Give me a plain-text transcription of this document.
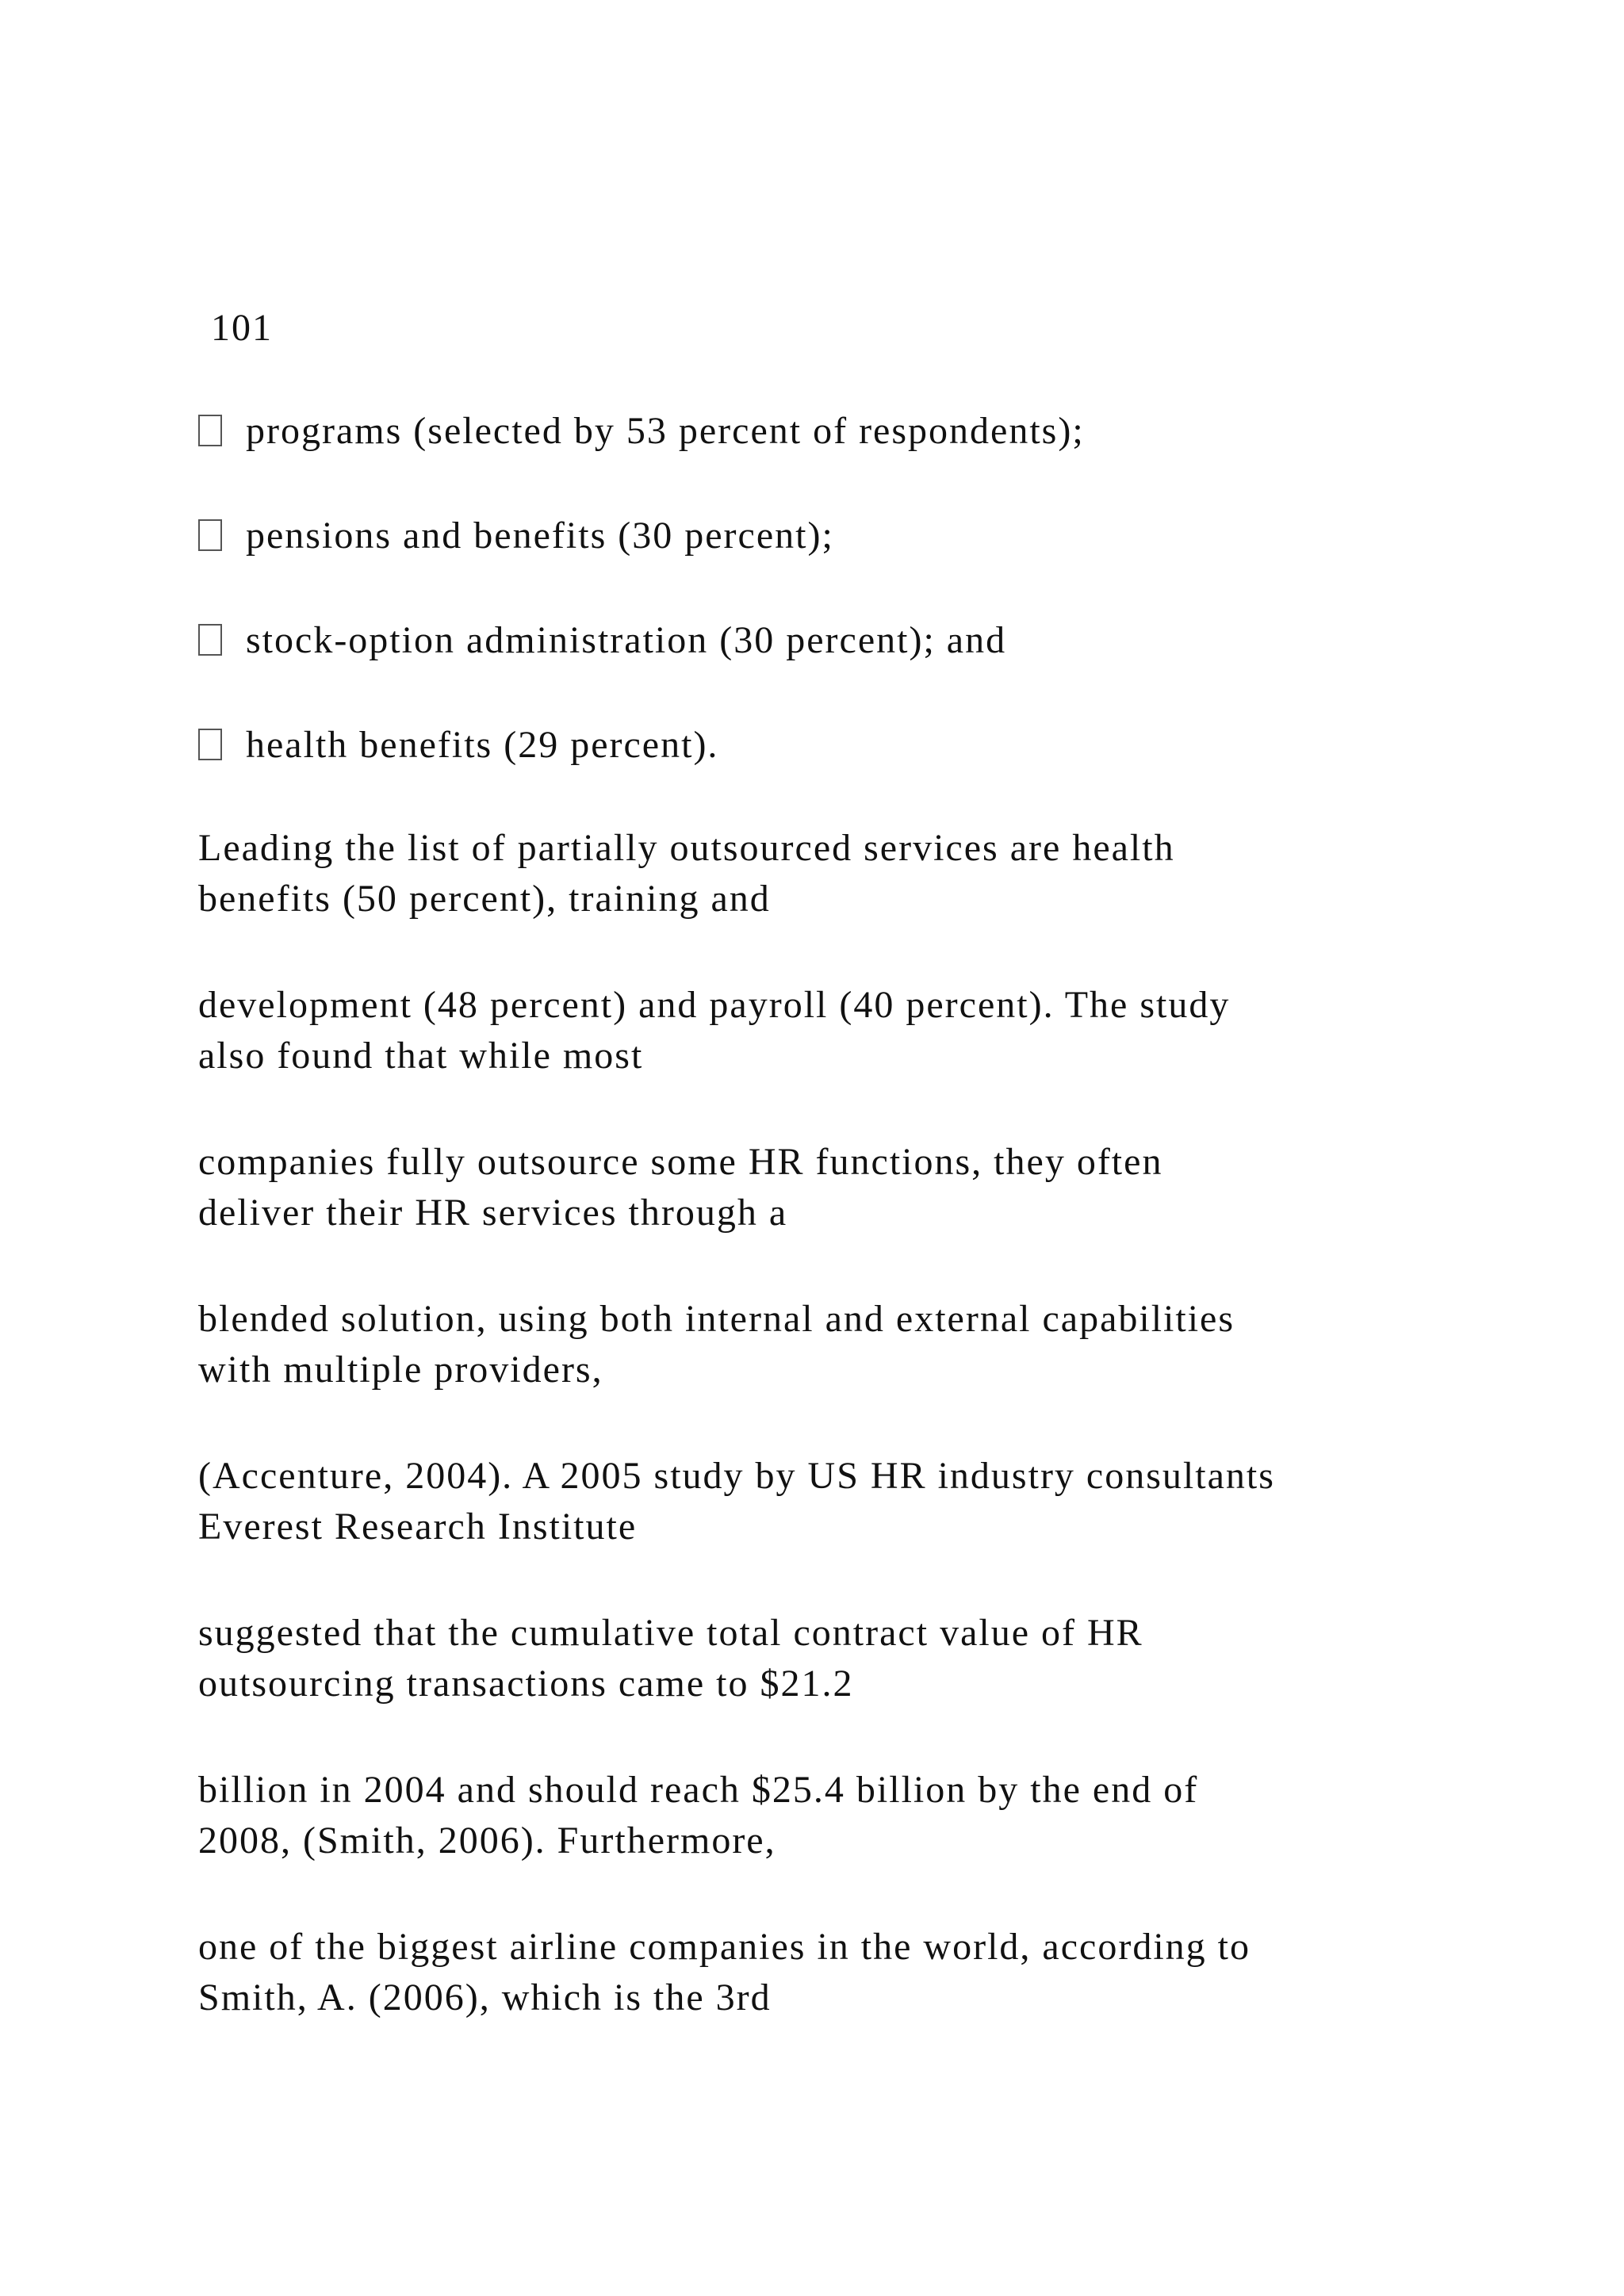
101
programs (selected by 53 percent of respondents);
pensions and benefits (30 percent);
stock-option administration (30 percent); and
health benefits (29 percent).
Leading the list of partially outsourced services are health
benefits (50 percent), training and
development (48 percent) and payroll (40 percent). The study
also found that while most
companies fully outsource some HR functions, they often
deliver their HR services through a
blended solution, using both internal and external capabilities
with multiple providers,
(Accenture, 2004). A 2005 study by US HR industry consultants
Everest Research Institute
suggested that the cumulative total contract value of HR
outsourcing transactions came to $21.2
billion in 2004 and should reach $25.4 billion by the end of
2008, (Smith, 2006). Furthermore,
one of the biggest airline companies in the world, according to
Smith, A. (2006), which is the 3rd
